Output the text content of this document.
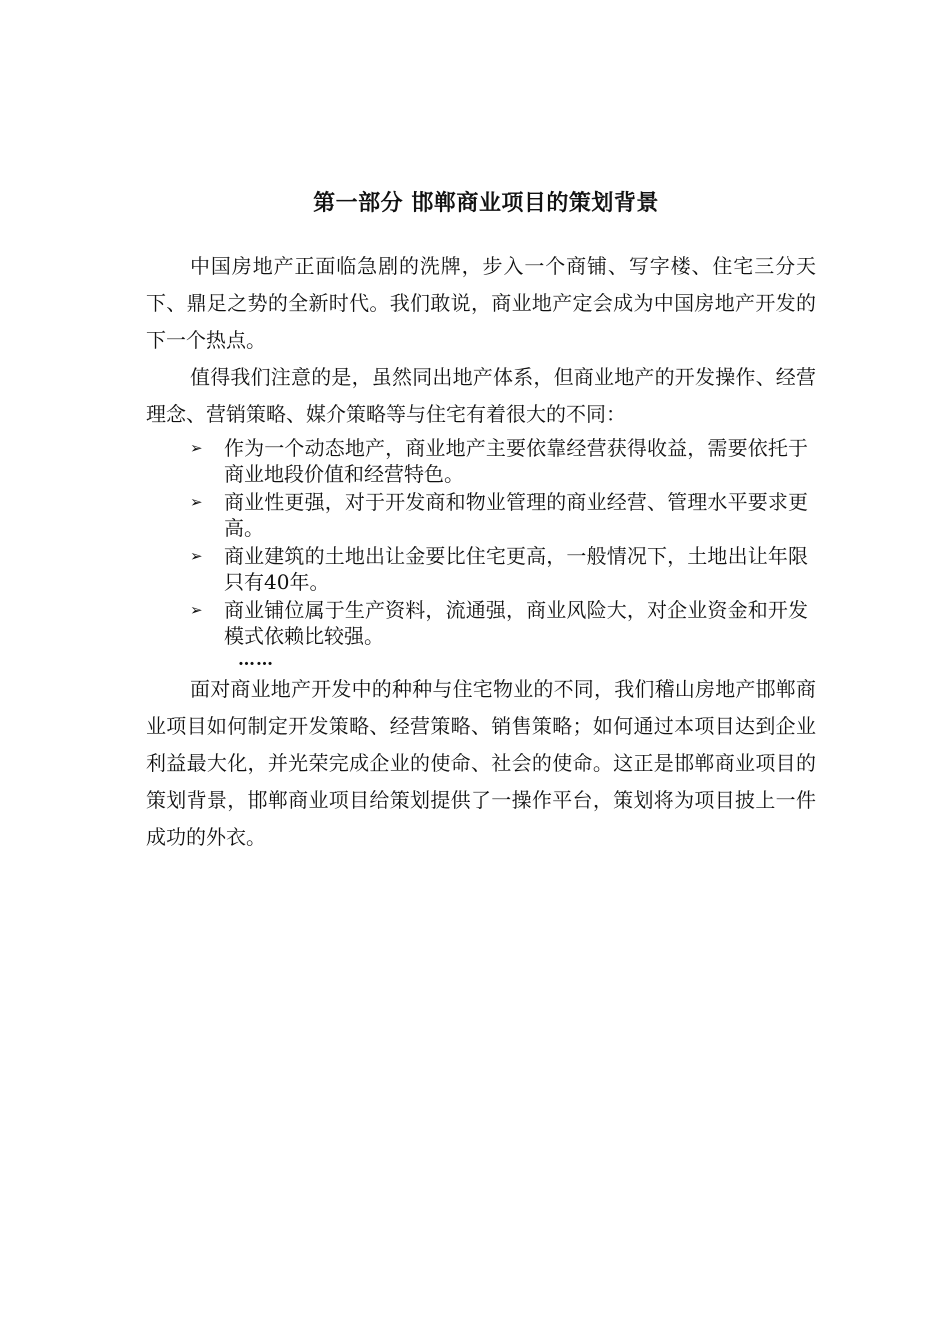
第一部分 邯郸商业项目的策划背景

中国房地产正面临急剧的洗牌，步入一个商铺、写字楼、住宅三分天下、鼎足之势的全新时代。我们敢说，商业地产定会成为中国房地产开发的下一个热点。

值得我们注意的是，虽然同出地产体系，但商业地产的开发操作、经营理念、营销策略、媒介策略等与住宅有着很大的不同：

➢	作为一个动态地产，商业地产主要依靠经营获得收益，需要依托于商业地段价值和经营特色。
➢	商业性更强，对于开发商和物业管理的商业经营、管理水平要求更高。
➢	商业建筑的土地出让金要比住宅更高，一般情况下，土地出让年限只有40年。
➢	商业铺位属于生产资料，流通强，商业风险大，对企业资金和开发模式依赖比较强。
……

面对商业地产开发中的种种与住宅物业的不同，我们稽山房地产邯郸商业项目如何制定开发策略、经营策略、销售策略；如何通过本项目达到企业利益最大化，并光荣完成企业的使命、社会的使命。这正是邯郸商业项目的策划背景，邯郸商业项目给策划提供了一操作平台，策划将为项目披上一件成功的外衣。
